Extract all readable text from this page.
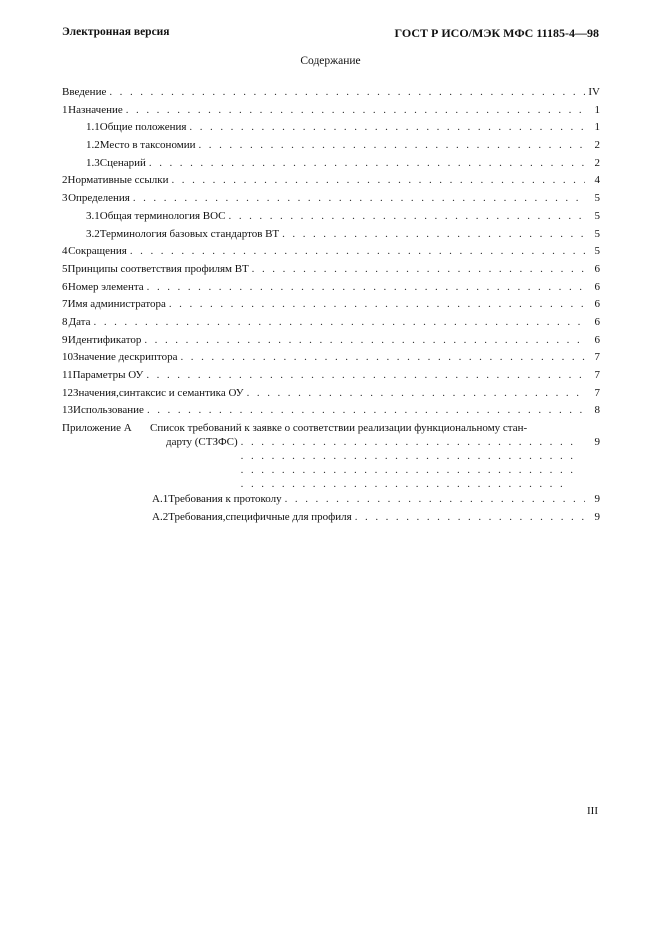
Электронная версия	ГОСТ Р ИСО/МЭК МФС 11185-4—98
Содержание
Введение . . .	IV
1 Назначение . . .	1
1.1 Общие положения . . .	1
1.2 Место в таксономии . . .	2
1.3 Сценарий . . .	2
2 Нормативные ссылки . . .	4
3 Определения . . .	5
3.1 Общая терминология ВОС . . .	5
3.2 Терминология базовых стандартов ВТ . . .	5
4 Сокращения . . .	5
5 Принципы соответствия профилям ВТ . . .	6
6 Номер элемента . . .	6
7 Имя администратора . . .	6
8 Дата . . .	6
9 Идентификатор . . .	6
10 Значение дескриптора . . .	7
11 Параметры ОУ . . .	7
12 Значения,синтаксис и семантика ОУ . . .	7
13 Использование . . .	8
Приложение А	Список требований к заявке о соответствии реализации функциональному стан-
дарту (СТЗФС) . . .	9
А.1 Требования к протоколу . . .	9
А.2 Требования,специфичные для профиля . . .	9
III
